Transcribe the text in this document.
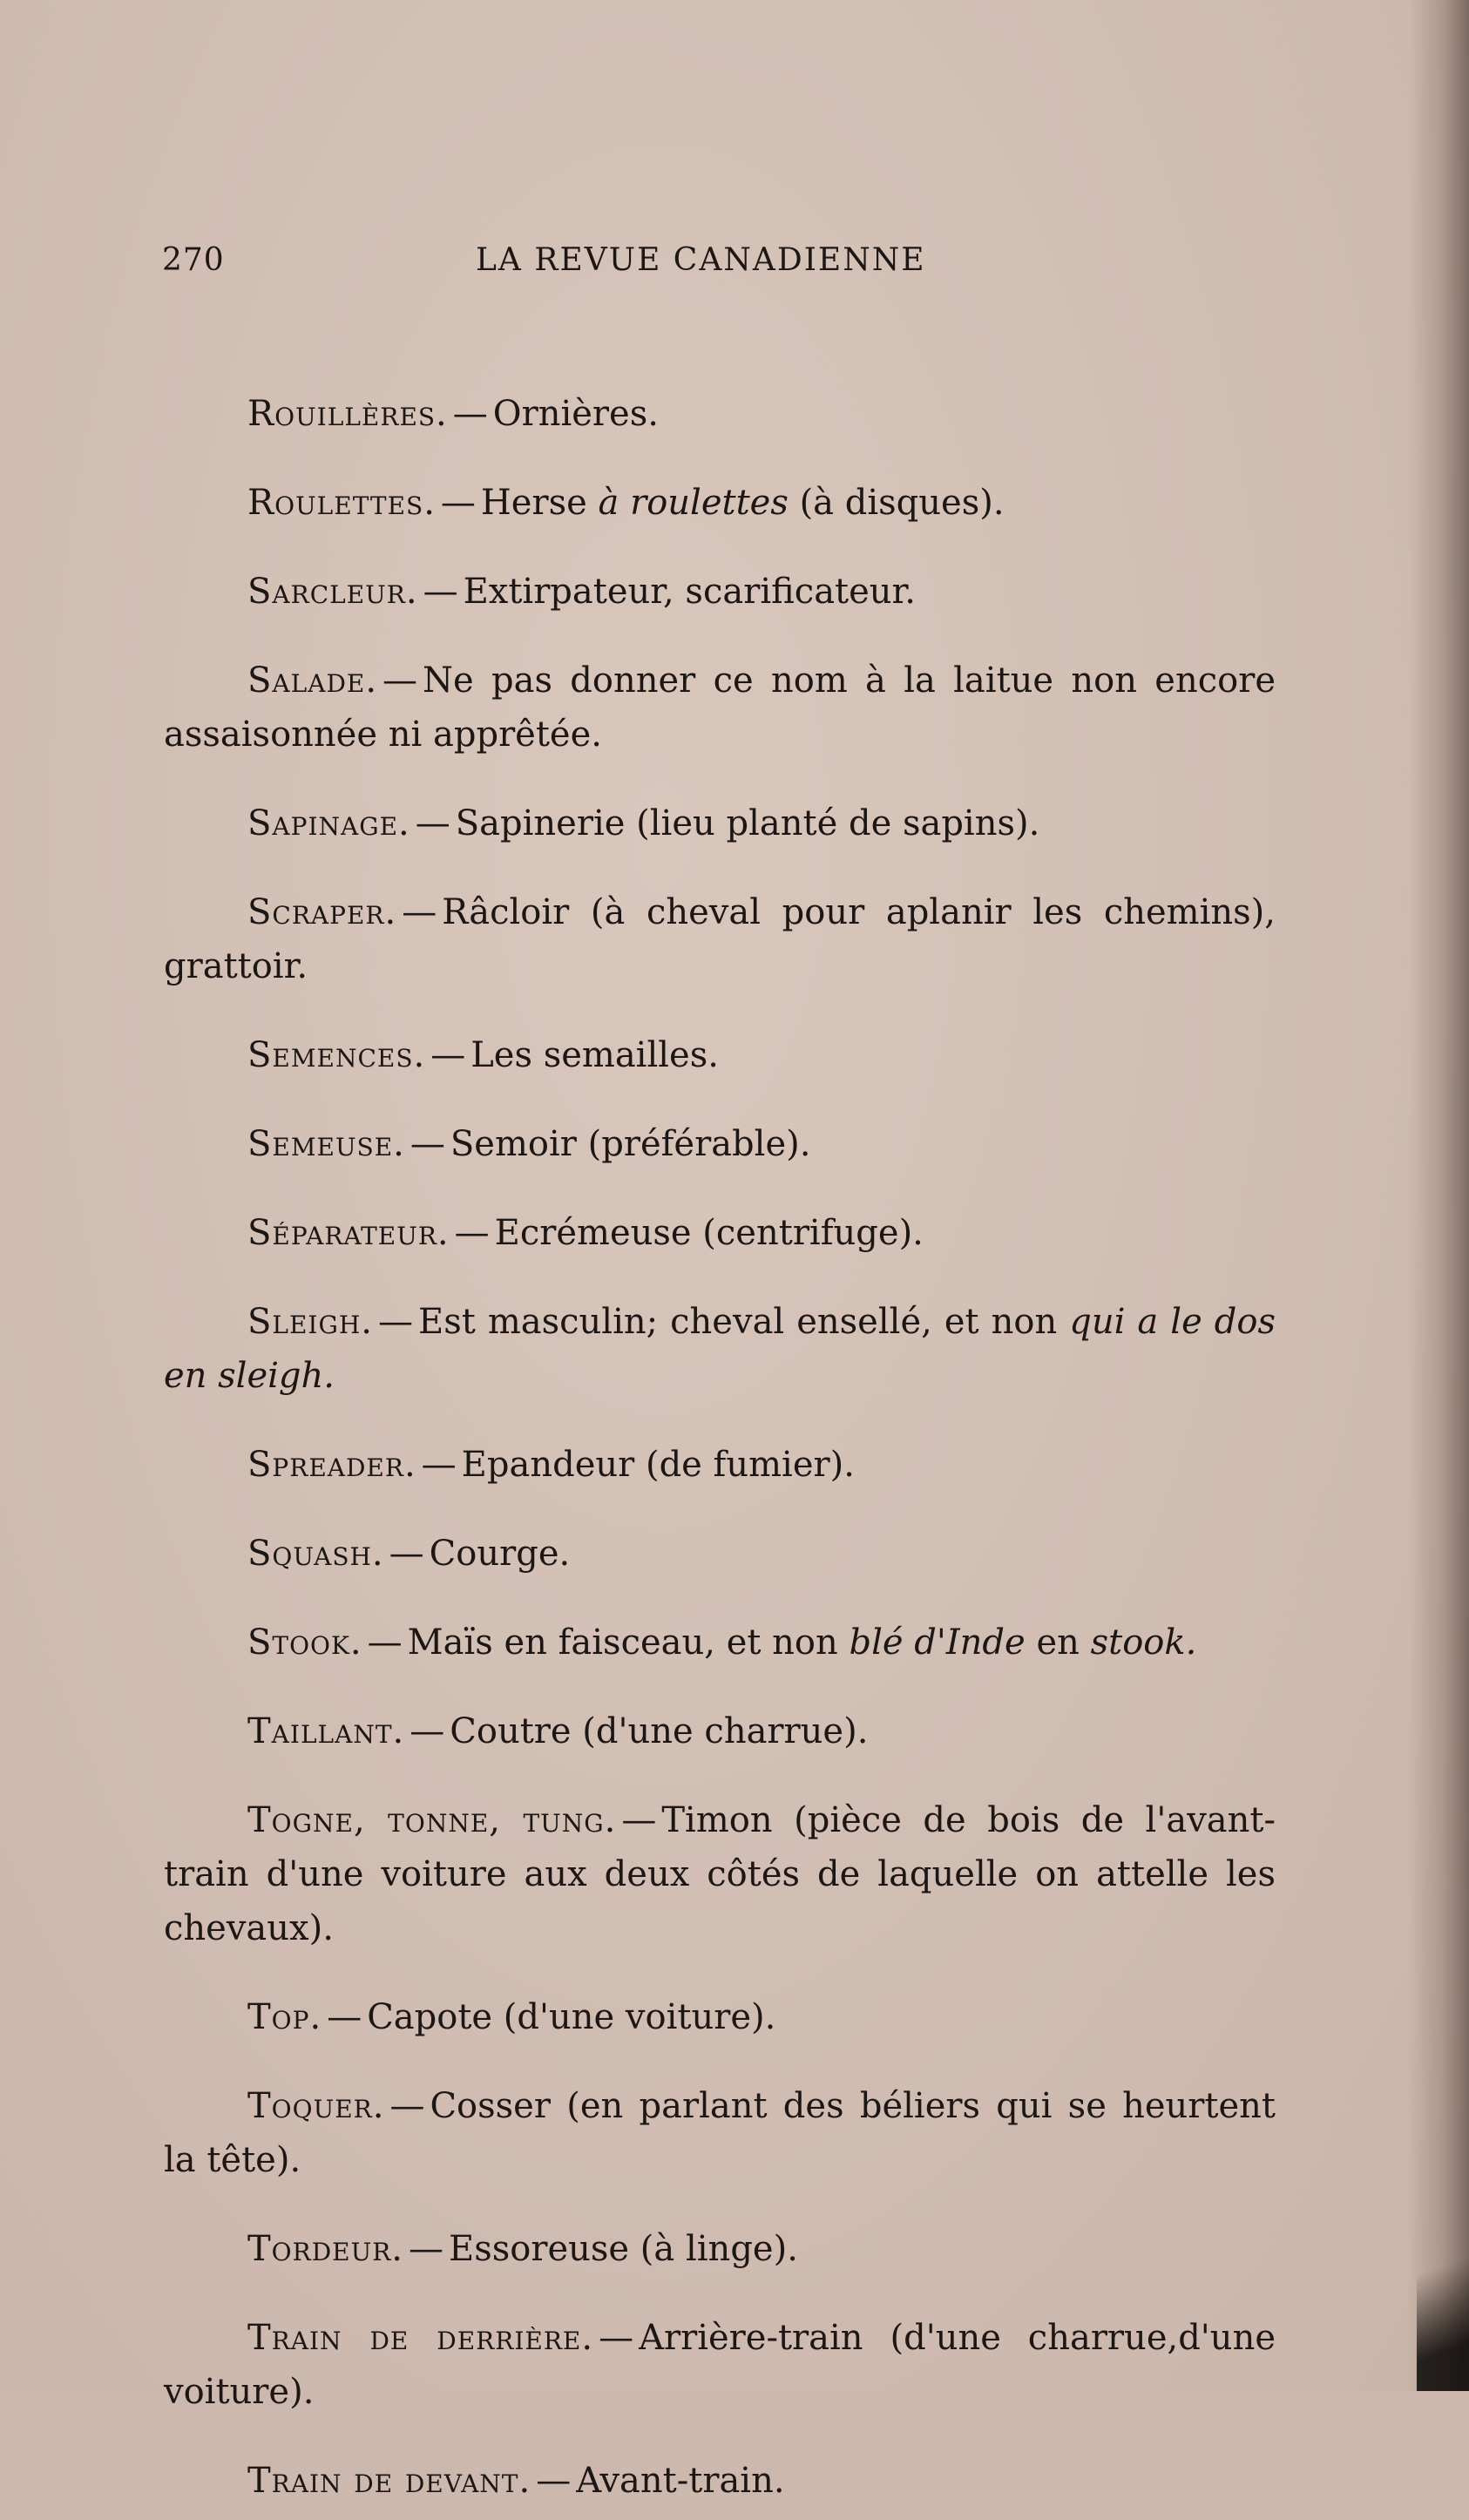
270	LA REVUE CANADIENNE

Rouillères. — Ornières.

Roulettes. — Herse à roulettes (à disques).

Sarcleur. — Extirpateur, scarificateur.

Salade. — Ne pas donner ce nom à la laitue non encore assaisonnée ni apprêtée.

Sapinage. — Sapinerie (lieu planté de sapins).

Scraper. — Râcloir (à cheval pour aplanir les chemins), grattoir.

Semences. — Les semailles.

Semeuse. — Semoir (préférable).

Séparateur. — Ecrémeuse (centrifuge).

Sleigh. — Est masculin; cheval ensellé, et non qui a le dos en sleigh.

Spreader. — Epandeur (de fumier).

Squash. — Courge.

Stook. — Maïs en faisceau, et non blé d'Inde en stook.

Taillant. — Coutre (d'une charrue).

Togne, tonne, tung. — Timon (pièce de bois de l'avant-train d'une voiture aux deux côtés de laquelle on attelle les chevaux).

Top. — Capote (d'une voiture).

Toquer. — Cosser (en parlant des béliers qui se heurtent la tête).

Tordeur. — Essoreuse (à linge).

Train de derrière. — Arrière-train (d'une charrue,d'une voiture).

Train de devant. — Avant-train.
